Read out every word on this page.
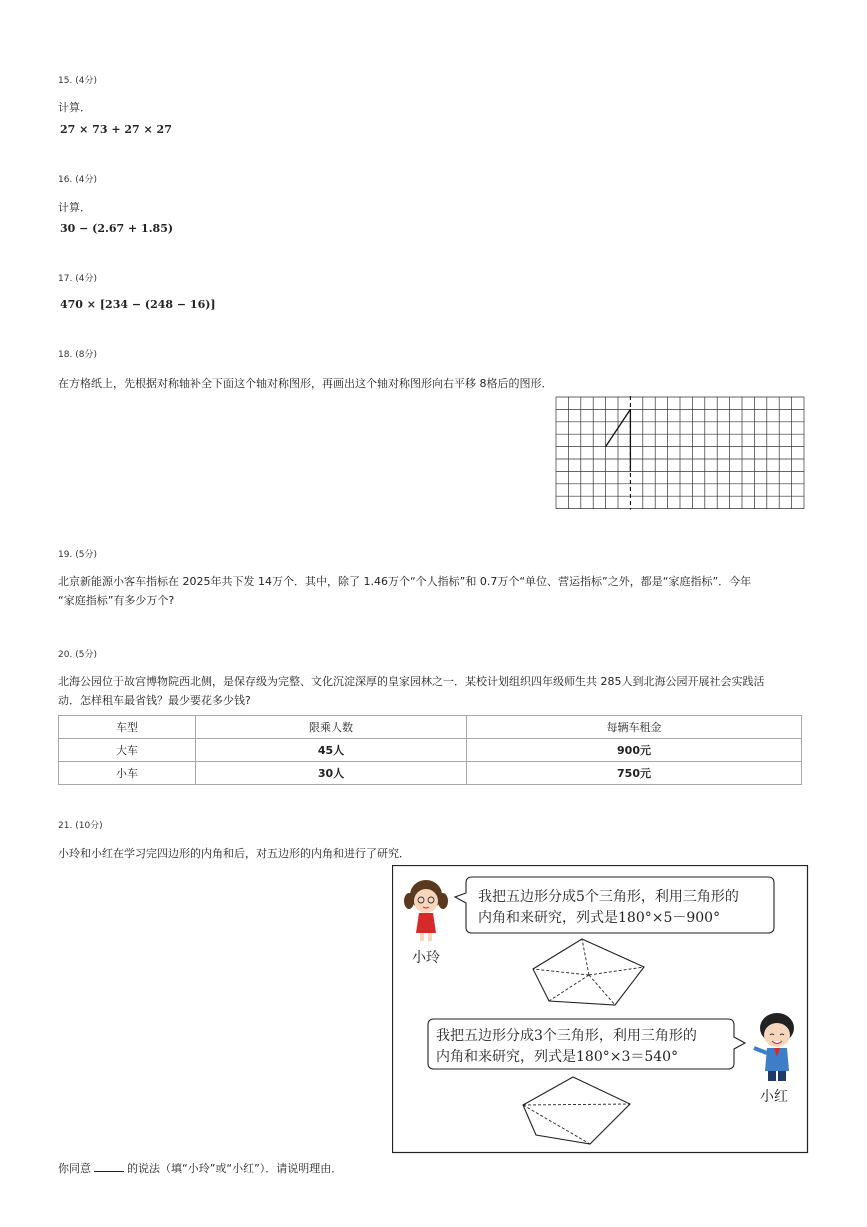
15. (4分)
计算．
27 × 73 + 27 × 27
16. (4分)
计算．
30 − (2.67 + 1.85)
17. (4分)
470 × [234 − (248 − 16)]
18. (8分)
在方格纸上，先根据对称轴补全下面这个轴对称图形，再画出这个轴对称图形向右平移 8格后的图形．
19. (5分)
北京新能源小客车指标在 2025年共下发 14万个．其中，除了 1.46万个“个人指标”和 0.7万个“单位、营运指标”之外，都是“家庭指标”．今年
“家庭指标”有多少万个?
20. (5分)
北海公园位于故宫博物院西北侧，是保存级为完整、文化沉淀深厚的皇家园林之一．某校计划组织四年级师生共 285人到北海公园开展社会实践活
动．怎样租车最省钱？最少要花多少钱?
车型	限乘人数	每辆车租金
大车	45人	900元
小车	30人	750元
21. (10分)
小玲和小红在学习完四边形的内角和后，对五边形的内角和进行了研究．
小玲
我把五边形分成5个三角形，利用三角形的
内角和来研究，列式是180°×5－900°
我把五边形分成3个三角形，利用三角形的
内角和来研究，列式是180°×3＝540°
小红
你同意	的说法（填“小玲”或“小红”）．请说明理由．
